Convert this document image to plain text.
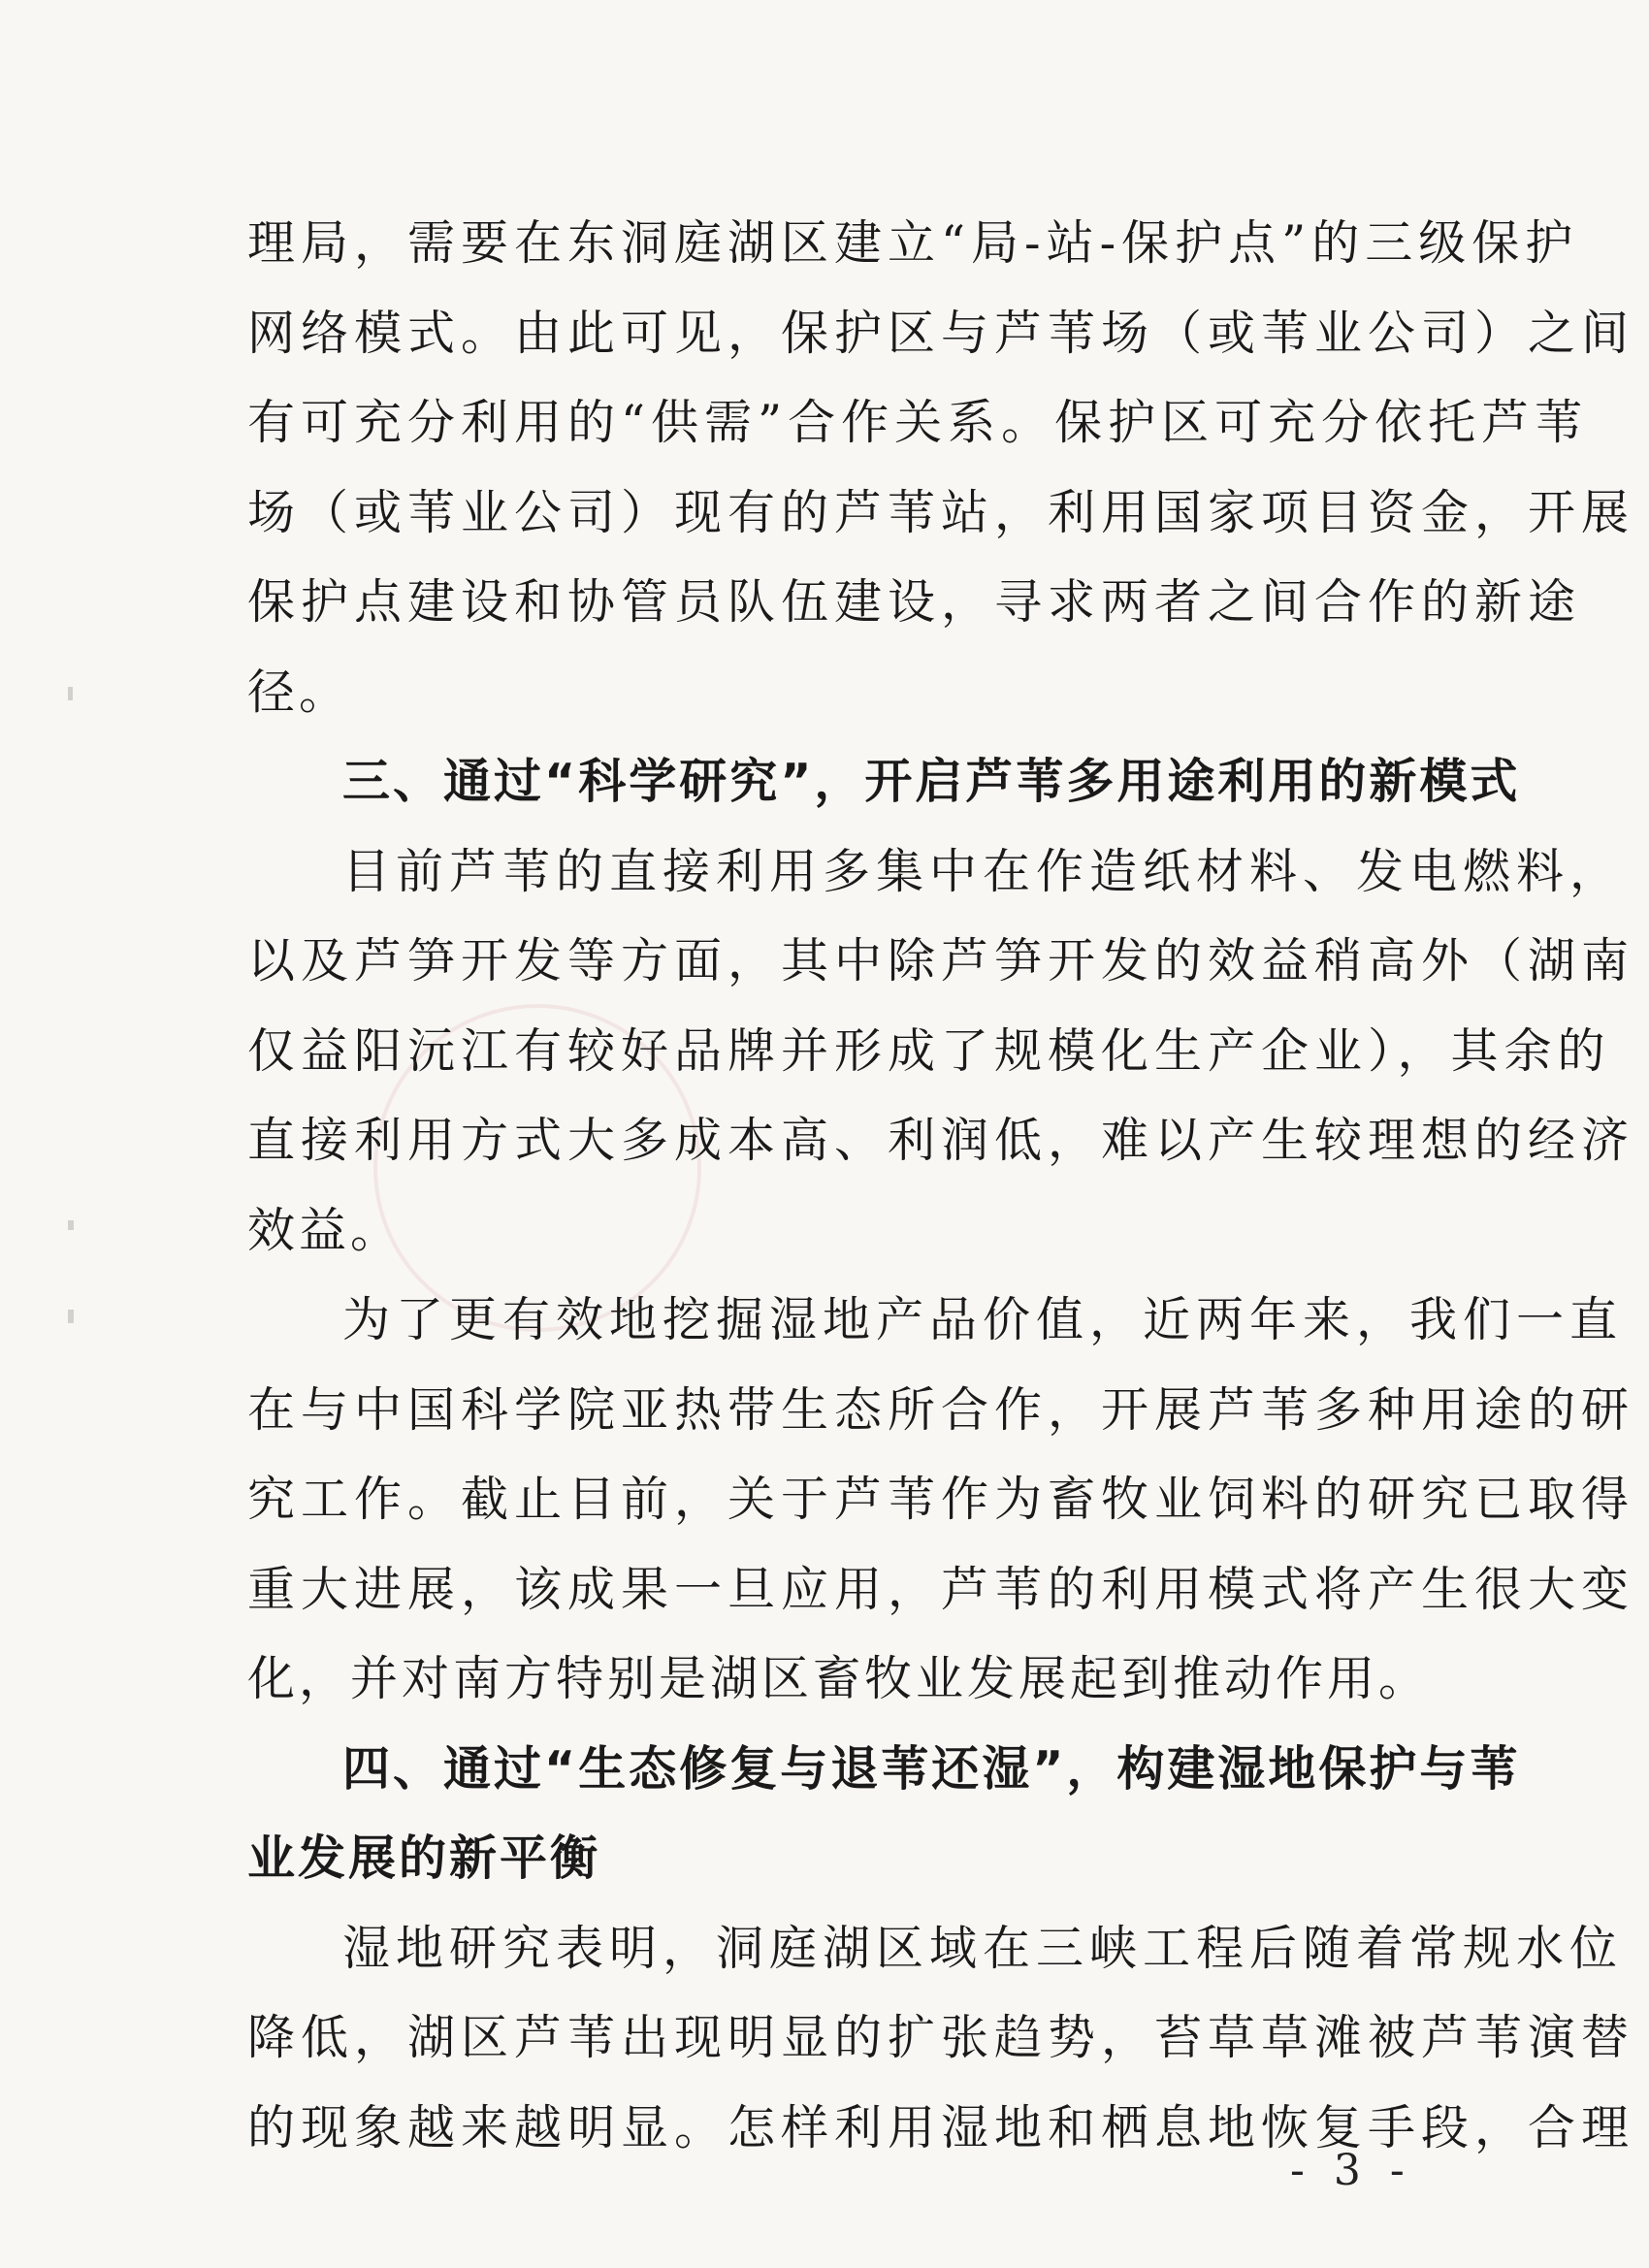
理局，需要在东洞庭湖区建立“局-站-保护点”的三级保护
网络模式。由此可见，保护区与芦苇场（或苇业公司）之间
有可充分利用的“供需”合作关系。保护区可充分依托芦苇
场（或苇业公司）现有的芦苇站，利用国家项目资金，开展
保护点建设和协管员队伍建设，寻求两者之间合作的新途
径。
三、通过“科学研究”，开启芦苇多用途利用的新模式
目前芦苇的直接利用多集中在作造纸材料、发电燃料，
以及芦笋开发等方面，其中除芦笋开发的效益稍高外（湖南
仅益阳沅江有较好品牌并形成了规模化生产企业），其余的
直接利用方式大多成本高、利润低，难以产生较理想的经济
效益。
为了更有效地挖掘湿地产品价值，近两年来，我们一直
在与中国科学院亚热带生态所合作，开展芦苇多种用途的研
究工作。截止目前，关于芦苇作为畜牧业饲料的研究已取得
重大进展，该成果一旦应用，芦苇的利用模式将产生很大变
化，并对南方特别是湖区畜牧业发展起到推动作用。
四、通过“生态修复与退苇还湿”，构建湿地保护与苇
业发展的新平衡
湿地研究表明，洞庭湖区域在三峡工程后随着常规水位
降低，湖区芦苇出现明显的扩张趋势，苔草草滩被芦苇演替
的现象越来越明显。怎样利用湿地和栖息地恢复手段，合理
- 3 -
